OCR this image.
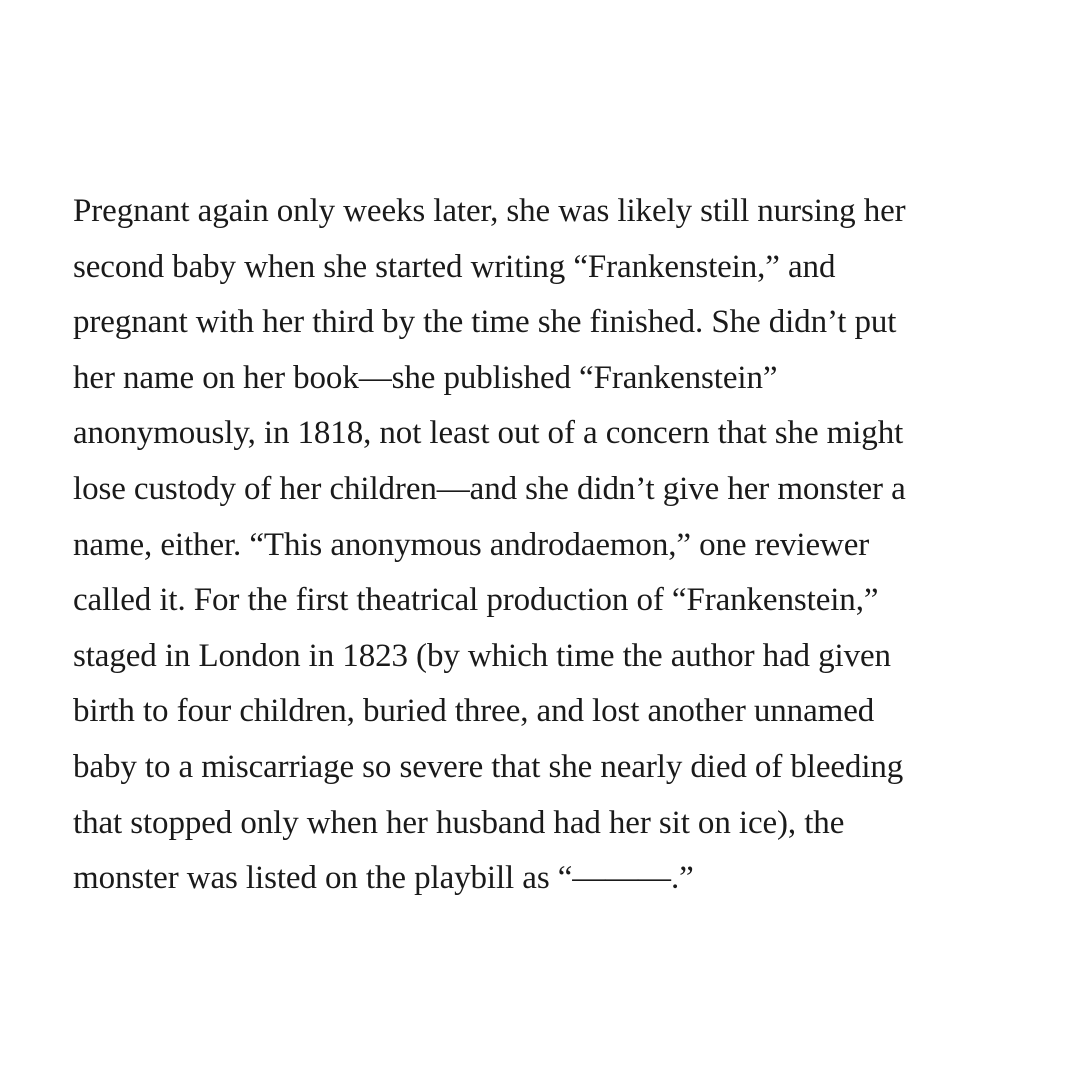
Pregnant again only weeks later, she was likely still nursing her
second baby when she started writing “Frankenstein,” and
pregnant with her third by the time she finished. She didn’t put
her name on her book—she published “Frankenstein”
anonymously, in 1818, not least out of a concern that she might
lose custody of her children—and she didn’t give her monster a
name, either. “This anonymous androdaemon,” one reviewer
called it. For the first theatrical production of “Frankenstein,”
staged in London in 1823 (by which time the author had given
birth to four children, buried three, and lost another unnamed
baby to a miscarriage so severe that she nearly died of bleeding
that stopped only when her husband had her sit on ice), the
monster was listed on the playbill as “———.”
